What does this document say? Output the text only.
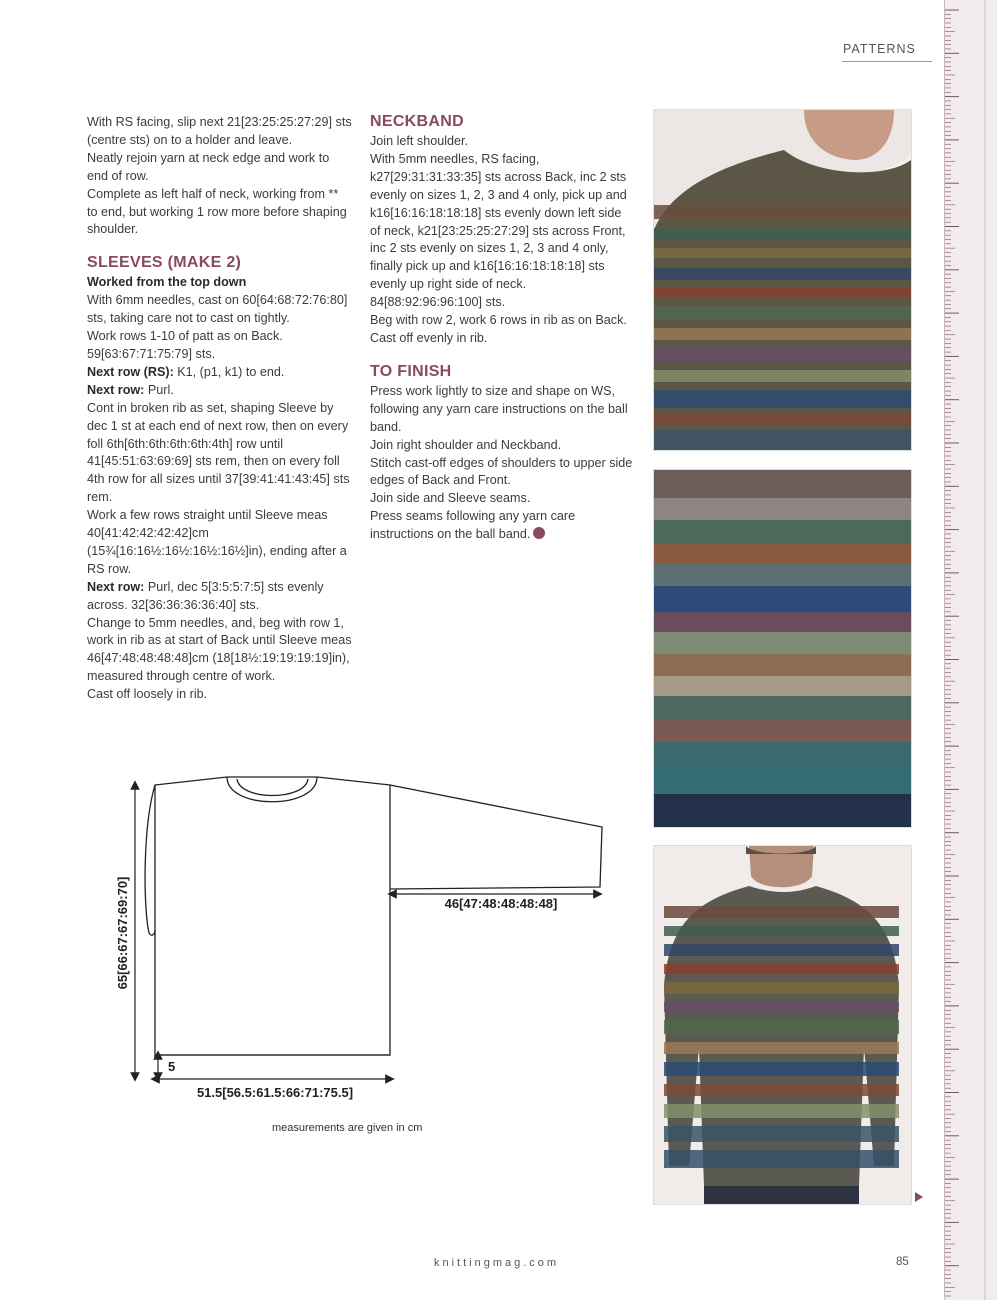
PATTERNS

With RS facing, slip next 21[23:25:25:27:29] sts (centre sts) on to a holder and leave.

Neatly rejoin yarn at neck edge and work to end of row.

Complete as left half of neck, working from ** to end, but working 1 row more before shaping shoulder.

SLEEVES (MAKE 2)

Worked from the top down

With 6mm needles, cast on 60[64:68:72:76:80] sts, taking care not to cast on tightly.

Work rows 1-10 of patt as on Back. 59[63:67:71:75:79] sts.

Next row (RS): K1, (p1, k1) to end.

Next row: Purl.

Cont in broken rib as set, shaping Sleeve by dec 1 st at each end of next row, then on every foll 6th[6th:6th:6th:6th:4th] row until 41[45:51:63:69:69] sts rem, then on every foll 4th row for all sizes until 37[39:41:41:43:45] sts rem.

Work a few rows straight until Sleeve meas 40[41:42:42:42:42]cm (15¾[16:16½:16½:16½:16½]in), ending after a RS row.

Next row: Purl, dec 5[3:5:5:7:5] sts evenly across. 32[36:36:36:36:40] sts.

Change to 5mm needles, and, beg with row 1, work in rib as at start of Back until Sleeve meas 46[47:48:48:48:48]cm (18[18½:19:19:19:19]in), measured through centre of work.

Cast off loosely in rib.

NECKBAND

Join left shoulder.

With 5mm needles, RS facing, k27[29:31:31:33:35] sts across Back, inc 2 sts evenly on sizes 1, 2, 3 and 4 only, pick up and k16[16:16:18:18:18] sts evenly down left side of neck, k21[23:25:25:27:29] sts across Front, inc 2 sts evenly on sizes 1, 2, 3 and 4 only, finally pick up and k16[16:16:18:18:18] sts evenly up right side of neck. 84[88:92:96:96:100] sts.

Beg with row 2, work 6 rows in rib as on Back.

Cast off evenly in rib.

TO FINISH

Press work lightly to size and shape on WS, following any yarn care instructions on the ball band.

Join right shoulder and Neckband.

Stitch cast-off edges of shoulders to upper side edges of Back and Front.

Join side and Sleeve seams.

Press seams following any yarn care instructions on the ball band.

65[66:67:67:69:70]
5
51.5[56.5:61.5:66:71:75.5]
46[47:48:48:48:48]
measurements are given in cm
knittingmag.com	85
